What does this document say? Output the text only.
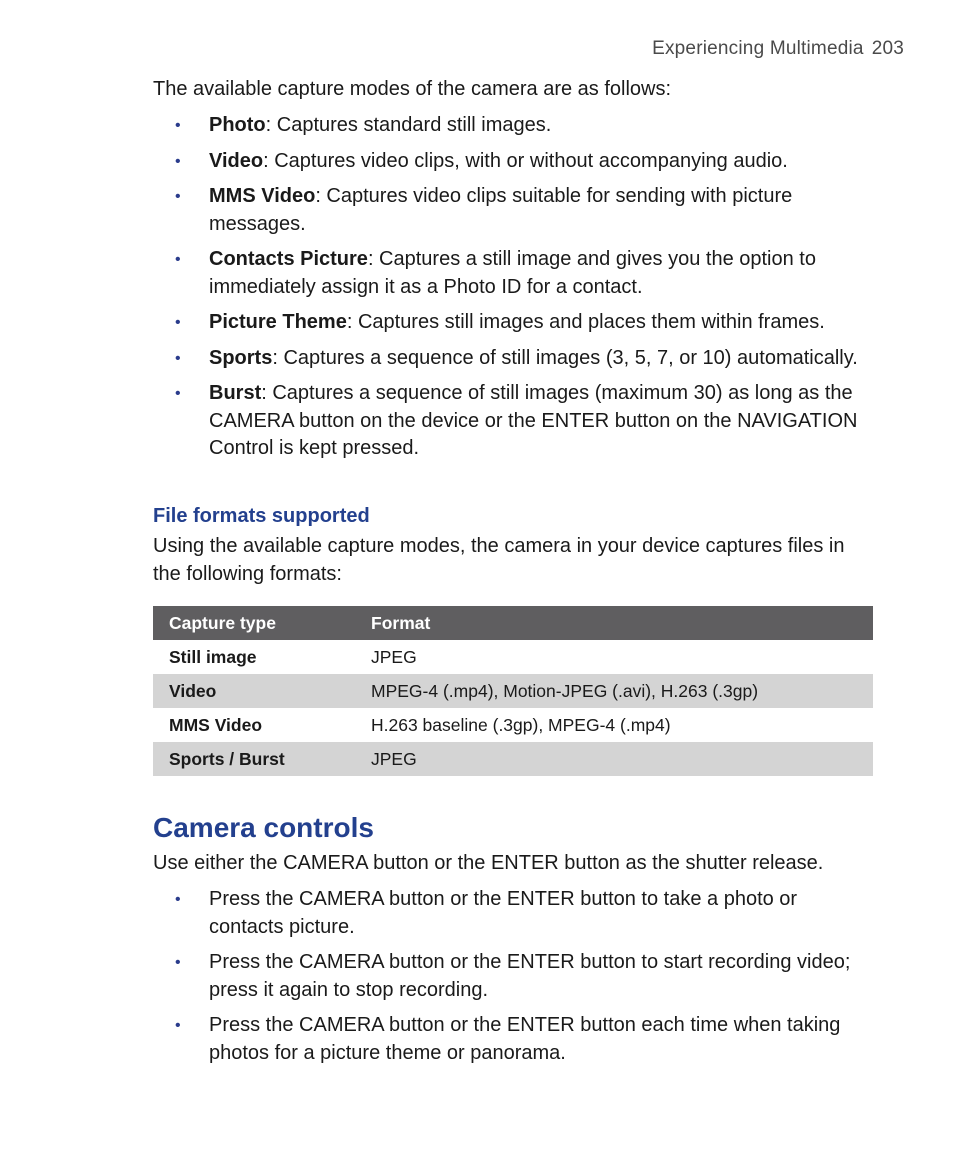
Experiencing Multimedia 203

The available capture modes of the camera are as follows:

• Photo: Captures standard still images.
• Video: Captures video clips, with or without accompanying audio.
• MMS Video: Captures video clips suitable for sending with picture messages.
• Contacts Picture: Captures a still image and gives you the option to immediately assign it as a Photo ID for a contact.
• Picture Theme: Captures still images and places them within frames.
• Sports: Captures a sequence of still images (3, 5, 7, or 10) automatically.
• Burst: Captures a sequence of still images (maximum 30) as long as the CAMERA button on the device or the ENTER button on the NAVIGATION Control is kept pressed.
File formats supported

Using the available capture modes, the camera in your device captures files in the following formats:

Capture type	Format
Still image	JPEG
Video	MPEG-4 (.mp4), Motion-JPEG (.avi), H.263 (.3gp)
MMS Video	H.263 baseline (.3gp), MPEG-4 (.mp4)
Sports / Burst	JPEG
Camera controls

Use either the CAMERA button or the ENTER button as the shutter release.

• Press the CAMERA button or the ENTER button to take a photo or contacts picture.
• Press the CAMERA button or the ENTER button to start recording video; press it again to stop recording.
• Press the CAMERA button or the ENTER button each time when taking photos for a picture theme or panorama.
